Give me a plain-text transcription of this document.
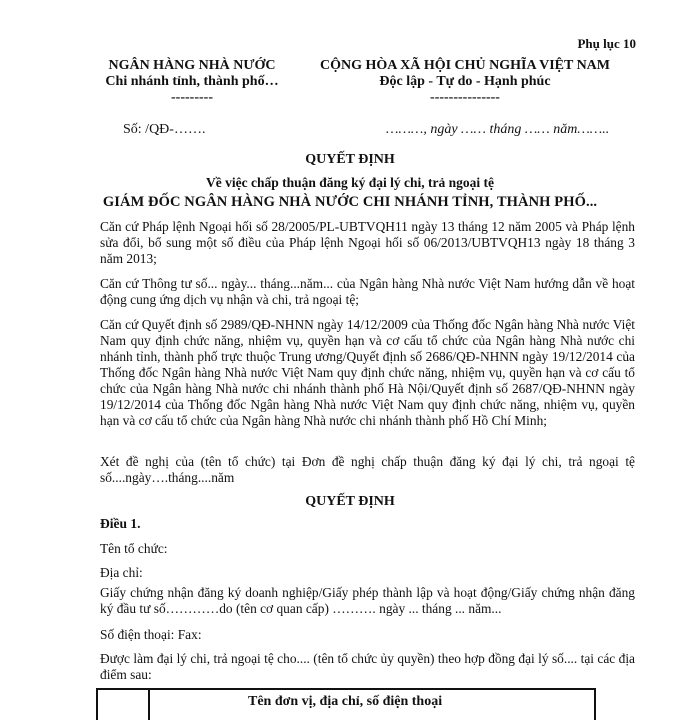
Phụ lục 10
NGÂN HÀNG NHÀ NƯỚC
Chi nhánh tỉnh, thành phố…
---------
CỘNG HÒA XÃ HỘI CHỦ NGHĨA VIỆT NAM
Độc lập - Tự do - Hạnh phúc
---------------
Số: /QĐ-…….	………, ngày …… tháng …… năm……..
QUYẾT ĐỊNH
Về việc chấp thuận đăng ký đại lý chi, trả ngoại tệ
GIÁM ĐỐC NGÂN HÀNG NHÀ NƯỚC CHI NHÁNH TỈNH, THÀNH PHỐ...
Căn cứ Pháp lệnh Ngoại hối số 28/2005/PL-UBTVQH11 ngày 13 tháng 12 năm 2005 và Pháp lệnh sửa đổi, bổ sung một số điều của Pháp lệnh Ngoại hối số 06/2013/UBTVQH13 ngày 18 tháng 3 năm 2013;
Căn cứ Thông tư số... ngày... tháng...năm... của Ngân hàng Nhà nước Việt Nam hướng dẫn về hoạt động cung ứng dịch vụ nhận và chi, trả ngoại tệ;
Căn cứ Quyết định số 2989/QĐ-NHNN ngày 14/12/2009 của Thống đốc Ngân hàng Nhà nước Việt Nam quy định chức năng, nhiệm vụ, quyền hạn và cơ cấu tổ chức của Ngân hàng Nhà nước chi nhánh tỉnh, thành phố trực thuộc Trung ương/Quyết định số 2686/QĐ-NHNN ngày 19/12/2014 của Thống đốc Ngân hàng Nhà nước Việt Nam quy định chức năng, nhiệm vụ, quyền hạn và cơ cấu tổ chức của Ngân hàng Nhà nước chi nhánh thành phố Hà Nội/Quyết định số 2687/QĐ-NHNN ngày 19/12/2014 của Thống đốc Ngân hàng Nhà nước Việt Nam quy định chức năng, nhiệm vụ, quyền hạn và cơ cấu tổ chức của Ngân hàng Nhà nước chi nhánh thành phố Hồ Chí Minh;
Xét đề nghị của (tên tổ chức) tại Đơn đề nghị chấp thuận đăng ký đại lý chi, trả ngoại tệ số....ngày….tháng....năm
QUYẾT ĐỊNH
Điều 1.
Tên tổ chức:
Địa chỉ:
Giấy chứng nhận đăng ký doanh nghiệp/Giấy phép thành lập và hoạt động/Giấy chứng nhận đăng ký đầu tư số…………do (tên cơ quan cấp) ………. ngày ... tháng ... năm...
Số điện thoại: Fax:
Được làm đại lý chi, trả ngoại tệ cho.... (tên tổ chức ủy quyền) theo hợp đồng đại lý số.... tại các địa điểm sau:
Tên đơn vị, địa chỉ, số điện thoại
